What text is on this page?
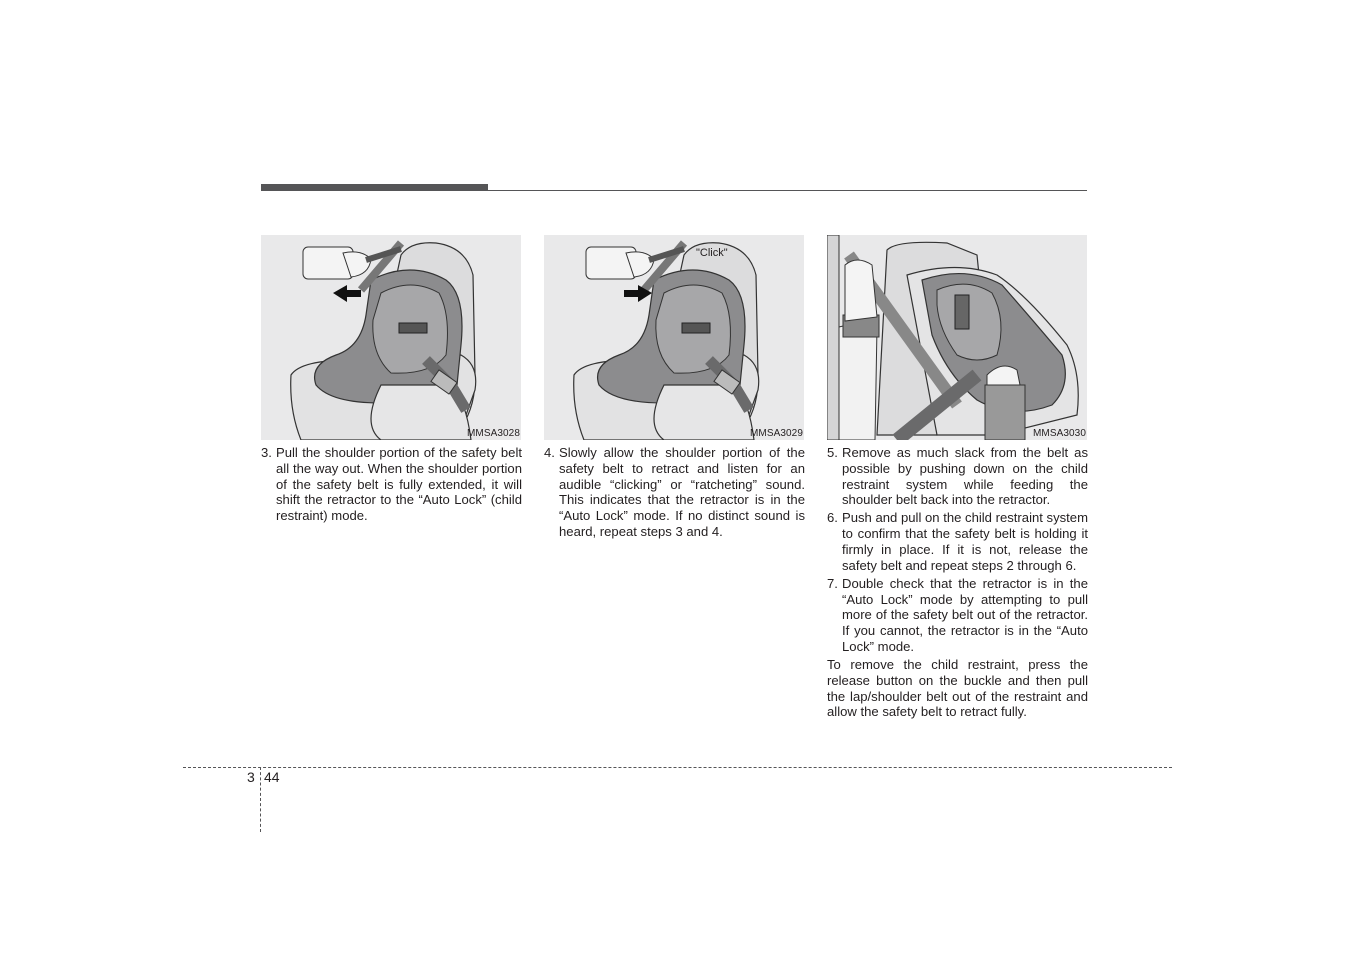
MMSA3028
"Click"
MMSA3029	MMSA3030
3. Pull the shoulder portion of the safety belt all the way out. When the shoulder portion of the safety belt is fully extended, it will shift the retractor to the “Auto Lock” (child restraint) mode.
4. Slowly allow the shoulder portion of the safety belt to retract and listen for an audible “clicking” or “ratcheting” sound. This indicates that the retractor is in the “Auto Lock” mode. If no distinct sound is heard, repeat steps 3 and 4.
5. Remove as much slack from the belt as possible by pushing down on the child restraint system while feeding the shoulder belt back into the retractor.
6. Push and pull on the child restraint system to confirm that the safety belt is holding it firmly in place. If it is not, release the safety belt and repeat steps 2 through 6.
7. Double check that the retractor is in the “Auto Lock” mode by attempting to pull more of the safety belt out of the retractor. If you cannot, the retractor is in the “Auto Lock” mode.

To remove the child restraint, press the release button on the buckle and then pull the lap/shoulder belt out of the restraint and allow the safety belt to retract fully.

3 44
